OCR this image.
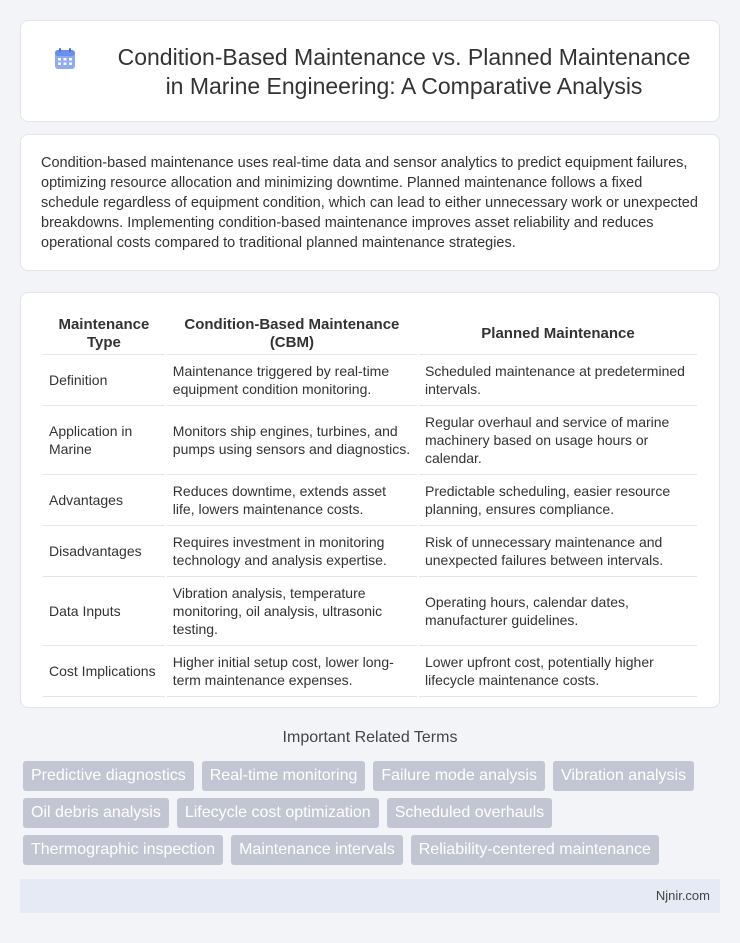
Condition-Based Maintenance vs. Planned Maintenance in Marine Engineering: A Comparative Analysis

Condition-based maintenance uses real-time data and sensor analytics to predict equipment failures, optimizing resource allocation and minimizing downtime. Planned maintenance follows a fixed schedule regardless of equipment condition, which can lead to either unnecessary work or unexpected breakdowns. Implementing condition-based maintenance improves asset reliability and reduces operational costs compared to traditional planned maintenance strategies.

Maintenance Type	Condition-Based Maintenance (CBM)	Planned Maintenance
Definition	Maintenance triggered by real-time equipment condition monitoring.	Scheduled maintenance at predetermined intervals.
Application in Marine	Monitors ship engines, turbines, and pumps using sensors and diagnostics.	Regular overhaul and service of marine machinery based on usage hours or calendar.
Advantages	Reduces downtime, extends asset life, lowers maintenance costs.	Predictable scheduling, easier resource planning, ensures compliance.
Disadvantages	Requires investment in monitoring technology and analysis expertise.	Risk of unnecessary maintenance and unexpected failures between intervals.
Data Inputs	Vibration analysis, temperature monitoring, oil analysis, ultrasonic testing.	Operating hours, calendar dates, manufacturer guidelines.
Cost Implications	Higher initial setup cost, lower long-term maintenance expenses.	Lower upfront cost, potentially higher lifecycle maintenance costs.
Important Related Terms
Predictive diagnostics	Real-time monitoring	Failure mode analysis	Vibration analysis
Oil debris analysis	Lifecycle cost optimization	Scheduled overhauls
Thermographic inspection	Maintenance intervals	Reliability-centered maintenance
Njnir.com
